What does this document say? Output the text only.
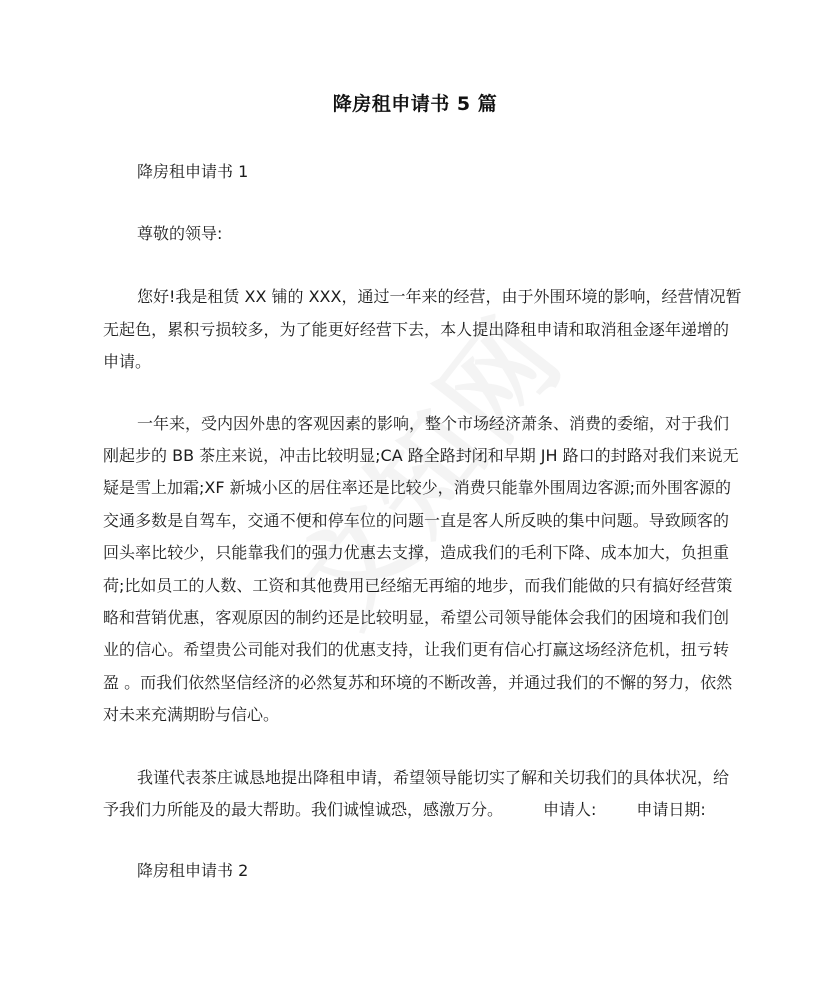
降房租申请书 5 篇
降房租申请书 1
尊敬的领导:
您好!我是租赁 XX 铺的 XXX，通过一年来的经营，由于外围环境的影响，经营情况暂
无起色，累积亏损较多，为了能更好经营下去，本人提出降租申请和取消租金逐年递增的
申请。
一年来，受内因外患的客观因素的影响，整个市场经济萧条、消费的委缩，对于我们
刚起步的 BB 茶庄来说，冲击比较明显;CA 路全路封闭和早期 JH 路口的封路对我们来说无
疑是雪上加霜;XF 新城小区的居住率还是比较少，消费只能靠外围周边客源;而外围客源的
交通多数是自驾车，交通不便和停车位的问题一直是客人所反映的集中问题。导致顾客的
回头率比较少，只能靠我们的强力优惠去支撑，造成我们的毛利下降、成本加大，负担重
荷;比如员工的人数、工资和其他费用已经缩无再缩的地步，而我们能做的只有搞好经营策
略和营销优惠，客观原因的制约还是比较明显，希望公司领导能体会我们的困境和我们创
业的信心。希望贵公司能对我们的优惠支持，让我们更有信心打赢这场经济危机，扭亏转
盈 。而我们依然坚信经济的必然复苏和环境的不断改善，并通过我们的不懈的努力，依然
对未来充满期盼与信心。
我谨代表茶庄诚恳地提出降租申请，希望领导能切实了解和关切我们的具体状况，给
予我们力所能及的最大帮助。我们诚惶诚恐，感激万分。	申请人:	申请日期:
降房租申请书 2
